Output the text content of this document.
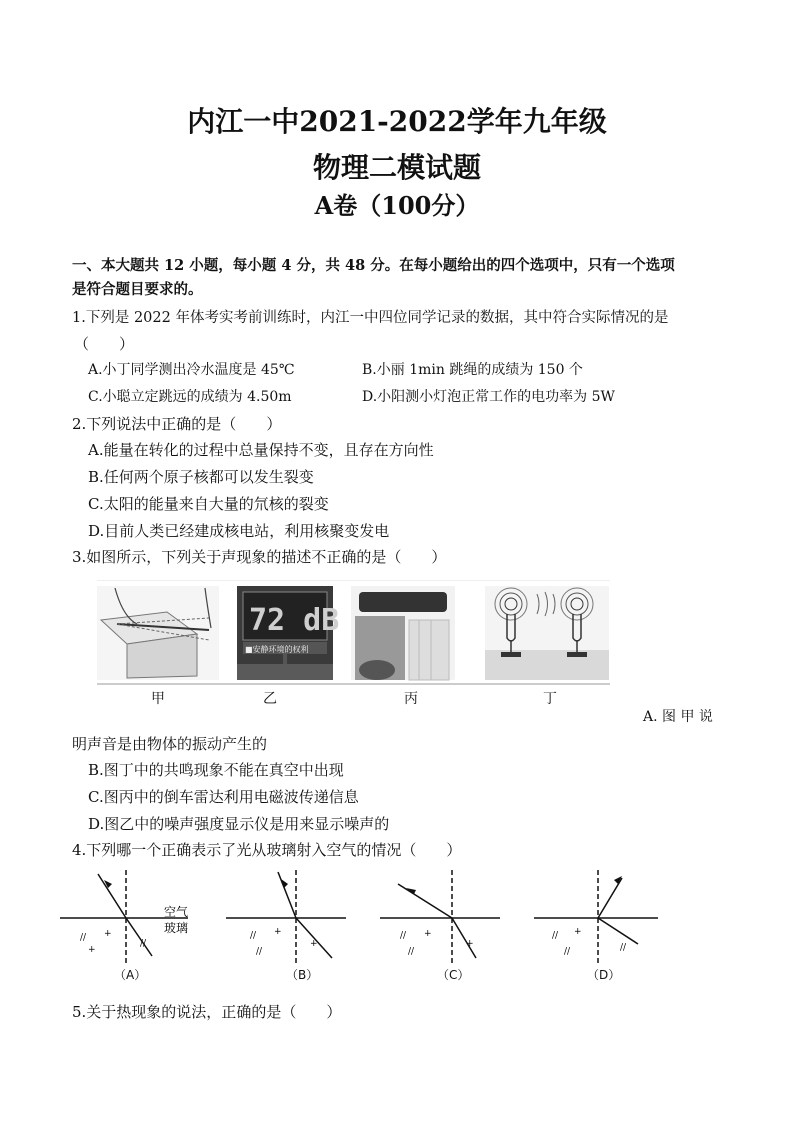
内江一中2021-2022学年九年级
物理二模试题
A卷（100分）
一、本大题共 12 小题，每小题 4 分，共 48 分。在每小题给出的四个选项中，只有一个选项
是符合题目要求的。
1.下列是 2022 年体考实考前训练时，内江一中四位同学记录的数据，其中符合实际情况的是
（　　）
A.小丁同学测出冷水温度是 45℃	B.小丽 1min 跳绳的成绩为 150 个
C.小聪立定跳远的成绩为 4.50m	D.小阳测小灯泡正常工作的电功率为 5W
2.下列说法中正确的是（　　）
A.能量在转化的过程中总量保持不变，且存在方向性
B.任何两个原子核都可以发生裂变
C.太阳的能量来自大量的氘核的裂变
D.目前人类已经建成核电站，利用核聚变发电
3.如图所示，下列关于声现象的描述不正确的是（　　）
72 dB
■安静环境的权利
甲	乙	丙	丁
A. 图 甲 说
明声音是由物体的振动产生的
B.图丁中的共鸣现象不能在真空中出现
C.图丙中的倒车雷达利用电磁波传递信息
D.图乙中的噪声强度显示仪是用来显示噪声的
4.下列哪一个正确表示了光从玻璃射入空气的情况（　　）
空气
玻璃
// +
+
//
// +
//
+
// +
//
+
// +
//	//
（A）	（B）	（C）	（D）
5.关于热现象的说法，正确的是（　　）
